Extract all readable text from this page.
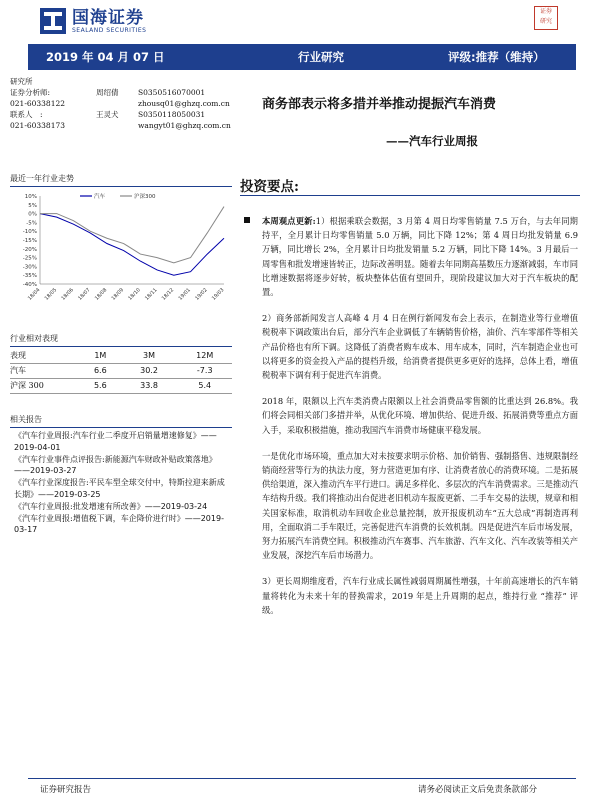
国海证券
SEALAND SECURITIES
证券
研究
2019 年 04 月 07 日	行业研究	评级:推荐（维持）
研究所
证券分析师:	周绍倩	S0350516070001
021-60338122	zhousq01@ghzq.com.cn
联系人　:	王灵犬	S0350118050031
021-60338173	wangyt01@ghzq.com.cn
商务部表示将多措并举推动提振汽车消费
——汽车行业周报
最近一年行业走势
10%
5%
0%
-5%
-10%
-15%
-20%
-25%
-30%
-35%
-40%
18/04 18/05 18/06 18/07 18/08 18/09 18/10 18/11 18/12 19/01 19/02 19/03
汽车	沪深300
行业相对表现
表现	1M	3M	12M
汽车	6.6	30.2	-7.3
沪深 300	5.6	33.8	5.4
相关报告
《汽车行业周报:汽车行业二季度开启销量增速修复》——2019-04-01
《汽车行业事件点评报告:新能源汽车财政补贴政策落地》——2019-03-27
《汽车行业深度报告:平民车型全球交付中，特斯拉迎来新成长期》——2019-03-25
《汽车行业周报:批发增速有所改善》——2019-03-24
《汽车行业周报:增值税下调，车企降价进行时》——2019-03-17
投资要点:

本周观点更新:1）根据乘联会数据，3 月第 4 周日均零售销量 7.5 万台，与去年同期持平，全月累计日均零售销量 5.0 万辆，同比下降 12%；第 4 周日均批发销量 6.9 万辆，同比增长 2%，全月累计日均批发销量 5.2 万辆，同比下降 14%。3 月最后一周零售和批发增速皆转正，边际改善明显。随着去年同期高基数压力逐渐减弱，车市同比增速数据将逐步好转，板块整体估值有望回升，现阶段建议加大对于汽车板块的配置。

2）商务部新闻发言人高峰 4 月 4 日在例行新闻发布会上表示，在制造业等行业增值税税率下调政策出台后，部分汽车企业调低了车辆销售价格，油价、汽车零部件等相关产品价格也有所下调。这降低了消费者购车成本、用车成本，同时，汽车制造企业也可以将更多的资金投入产品的提档升级，给消费者提供更多更好的选择，总体上看，增值税税率下调有利于促进汽车消费。

2018 年，限额以上汽车类消费占限额以上社会消费品零售额的比重达到 26.8%。我们将会同相关部门多措并举，从优化环境、增加供给、促进升级、拓展消费等重点方面入手，采取积极措施，推动我国汽车消费市场健康平稳发展。

一是优化市场环境，重点加大对未按要求明示价格、加价销售、强制搭售、违规限制经销商经营等行为的执法力度，努力营造更加有序、让消费者放心的消费环境。二是拓展供给渠道，深入推动汽车平行进口。满足多样化、多层次的汽车消费需求。三是推动汽车结构升级。我们将推动出台促进老旧机动车报废更新、二手车交易的法规，规章和相关国家标准，取消机动车回收企业总量控制，放开报废机动车“五大总成”再制造再利用，全面取消二手车限迁，完善促进汽车消费的长效机制。四是促进汽车后市场发展，努力拓展汽车消费空间。积极推动汽车赛事、汽车旅游、汽车文化、汽车改装等相关产业发展，深挖汽车后市场潜力。

3）更长周期维度看，汽车行业成长属性减弱周期属性增强，十年前高速增长的汽车销量将转化为未来十年的替换需求，2019 年是上升周期的起点，维持行业 “推荐” 评级。

证券研究报告	请务必阅读正文后免责条款部分
